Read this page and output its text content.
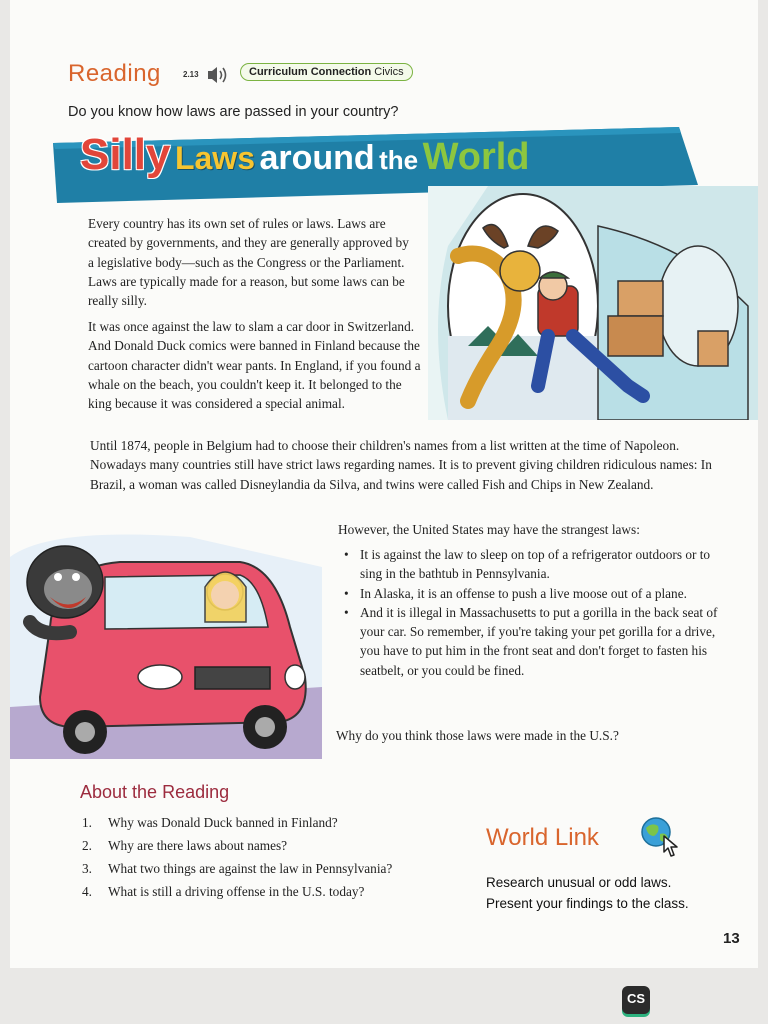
Reading	2.13	Curriculum Connection Civics
Do you know how laws are passed in your country?
Silly Laws around the World
Every country has its own set of rules or laws. Laws are created by governments, and they are generally approved by a legislative body—such as the Congress or the Parliament. Laws are typically made for a reason, but some laws can be really silly.
It was once against the law to slam a car door in Switzerland. And Donald Duck comics were banned in Finland because the cartoon character didn't wear pants. In England, if you found a whale on the beach, you couldn't keep it. It belonged to the king because it was considered a special animal.
Until 1874, people in Belgium had to choose their children's names from a list written at the time of Napoleon. Nowadays many countries still have strict laws regarding names. It is to prevent giving children ridiculous names: In Brazil, a woman was called Disneylandia da Silva, and twins were called Fish and Chips in New Zealand.
However, the United States may have the strangest laws:
• It is against the law to sleep on top of a refrigerator outdoors or to sing in the bathtub in Pennsylvania.
• In Alaska, it is an offense to push a live moose out of a plane.
• And it is illegal in Massachusetts to put a gorilla in the back seat of your car. So remember, if you're taking your pet gorilla for a drive, you have to put him in the front seat and don't forget to fasten his seatbelt, or you could be fined.
Why do you think those laws were made in the U.S.?
About the Reading
1. Why was Donald Duck banned in Finland?
2. Why are there laws about names?
3. What two things are against the law in Pennsylvania?
4. What is still a driving offense in the U.S. today?
World Link
Research unusual or odd laws.
Present your findings to the class.
13
CS
